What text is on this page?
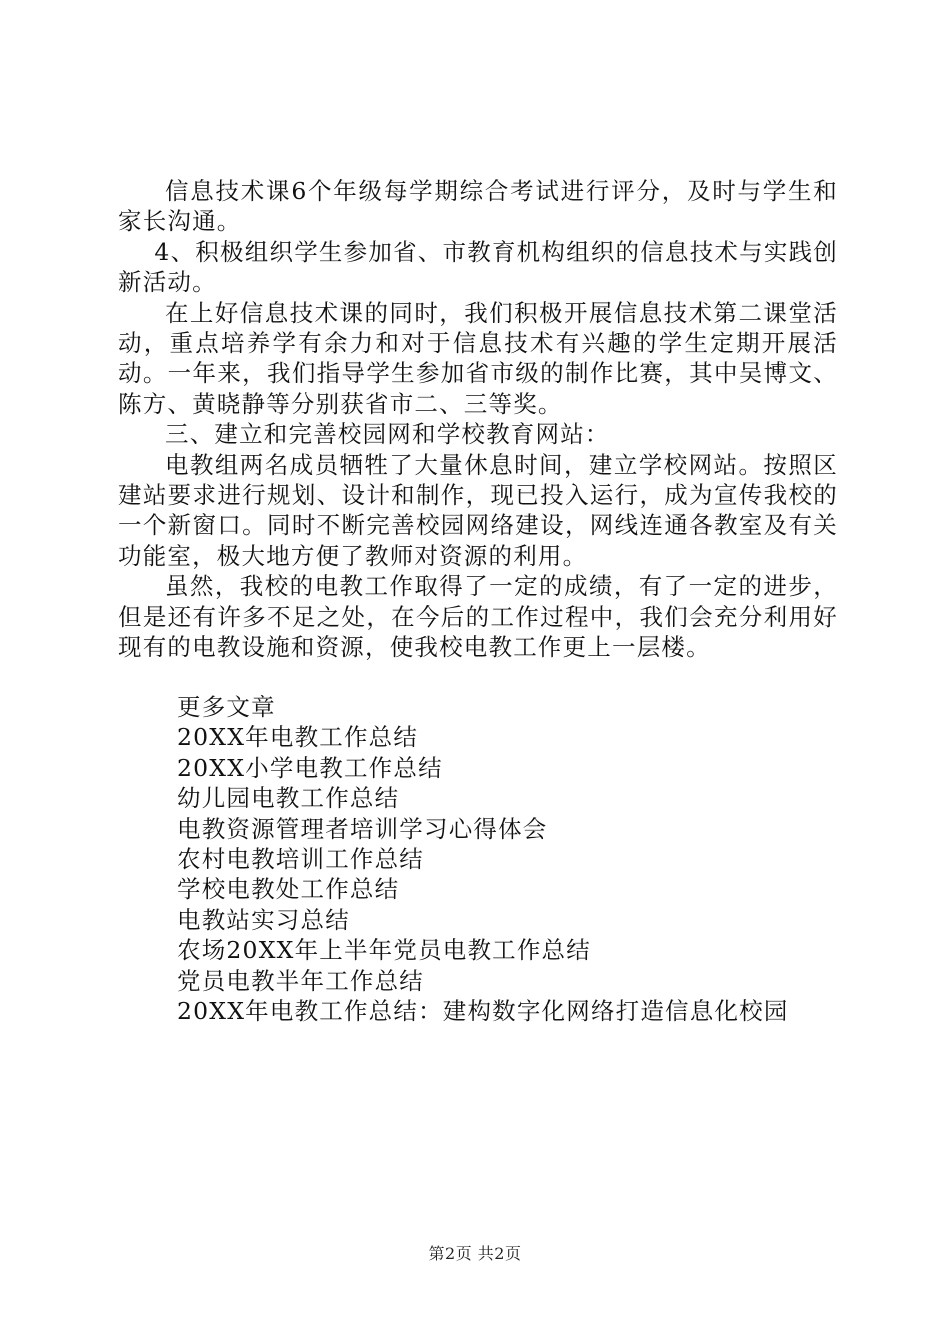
信息技术课6个年级每学期综合考试进行评分，及时与学生和家长沟通。

4、积极组织学生参加省、市教育机构组织的信息技术与实践创新活动。

在上好信息技术课的同时，我们积极开展信息技术第二课堂活动，重点培养学有余力和对于信息技术有兴趣的学生定期开展活动。一年来，我们指导学生参加省市级的制作比赛，其中吴博文、陈方、黄晓静等分别获省市二、三等奖。

三、建立和完善校园网和学校教育网站：

电教组两名成员牺牲了大量休息时间，建立学校网站。按照区建站要求进行规划、设计和制作，现已投入运行，成为宣传我校的一个新窗口。同时不断完善校园网络建设，网线连通各教室及有关功能室，极大地方便了教师对资源的利用。

虽然，我校的电教工作取得了一定的成绩，有了一定的进步，但是还有许多不足之处，在今后的工作过程中，我们会充分利用好现有的电教设施和资源，使我校电教工作更上一层楼。

更多文章
20XX年电教工作总结
20XX小学电教工作总结
幼儿园电教工作总结
电教资源管理者培训学习心得体会
农村电教培训工作总结
学校电教处工作总结
电教站实习总结
农场20XX年上半年党员电教工作总结
党员电教半年工作总结
20XX年电教工作总结：建构数字化网络打造信息化校园
第2页 共2页
